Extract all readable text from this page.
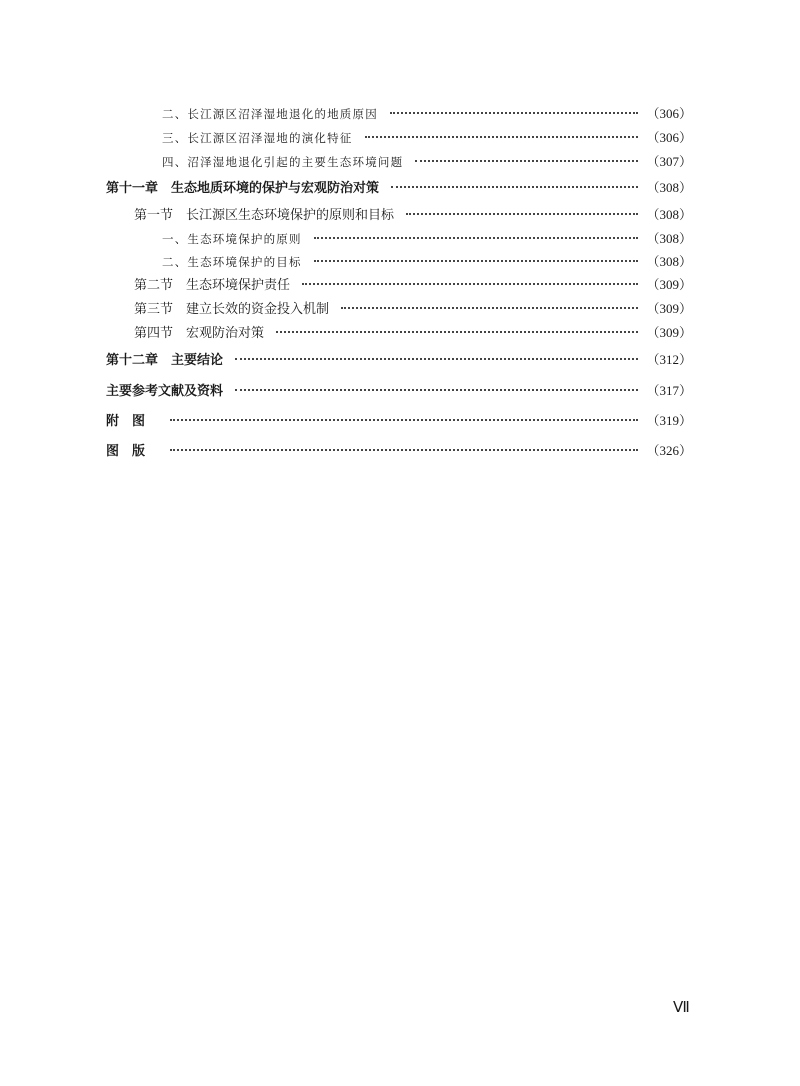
二、长江源区沼泽湿地退化的地质原因	（306）
三、长江源区沼泽湿地的演化特征	（306）
四、沼泽湿地退化引起的主要生态环境问题	（307）
第十一章　生态地质环境的保护与宏观防治对策	（308）
第一节　长江源区生态环境保护的原则和目标	（308）
一、生态环境保护的原则	（308）
二、生态环境保护的目标	（308）
第二节　生态环境保护责任	（309）
第三节　建立长效的资金投入机制	（309）
第四节　宏观防治对策	（309）
第十二章　主要结论	（312）
主要参考文献及资料	（317）
附图	（319）
图版	（326）
Ⅶ
